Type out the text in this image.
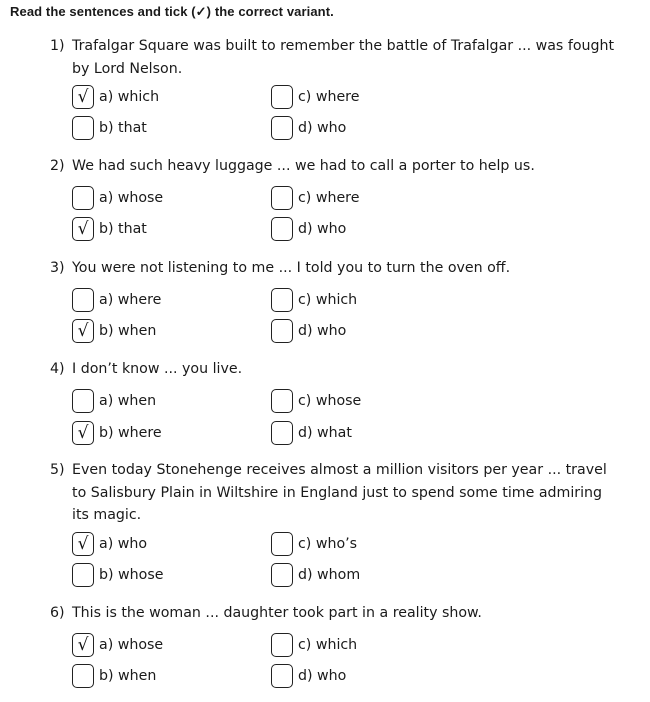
Read the sentences and tick (✓) the correct variant.
1) Trafalgar Square was built to remember the battle of Trafalgar ... was fought by Lord Nelson.
√ a) which
b) that
c) where
d) who
2) We had such heavy luggage ... we had to call a porter to help us.
a) whose
√ b) that
c) where
d) who
3) You were not listening to me ... I told you to turn the oven off.
a) where
√ b) when
c) which
d) who
4) I don’t know ... you live.
a) when
√ b) where
c) whose
d) what
5) Even today Stonehenge receives almost a million visitors per year ... travel to Salisbury Plain in Wiltshire in England just to spend some time admiring its magic.
√ a) who
b) whose
c) who’s
d) whom
6) This is the woman ... daughter took part in a reality show.
√ a) whose
b) when
c) which
d) who
